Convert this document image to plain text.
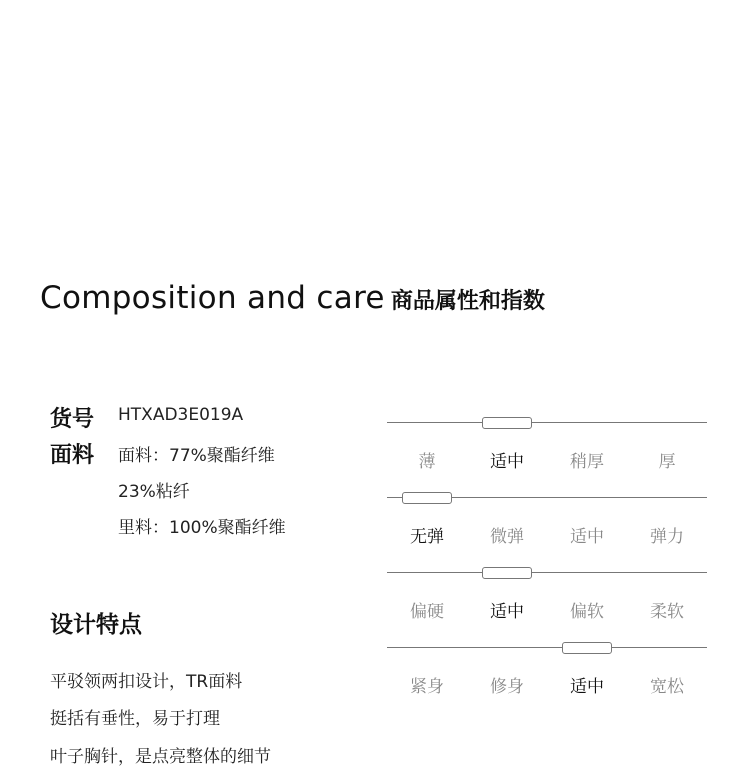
Composition and care 商品属性和指数
货号 HTXAD3E019A
面料 面料：77%聚酯纤维
23%粘纤
里料：100%聚酯纤维
设计特点
平驳领两扣设计，TR面料
挺括有垂性，易于打理
叶子胸针，是点亮整体的细节
薄	适中	稍厚	厚
无弹	微弹	适中	弹力
偏硬	适中	偏软	柔软
紧身	修身	适中	宽松
